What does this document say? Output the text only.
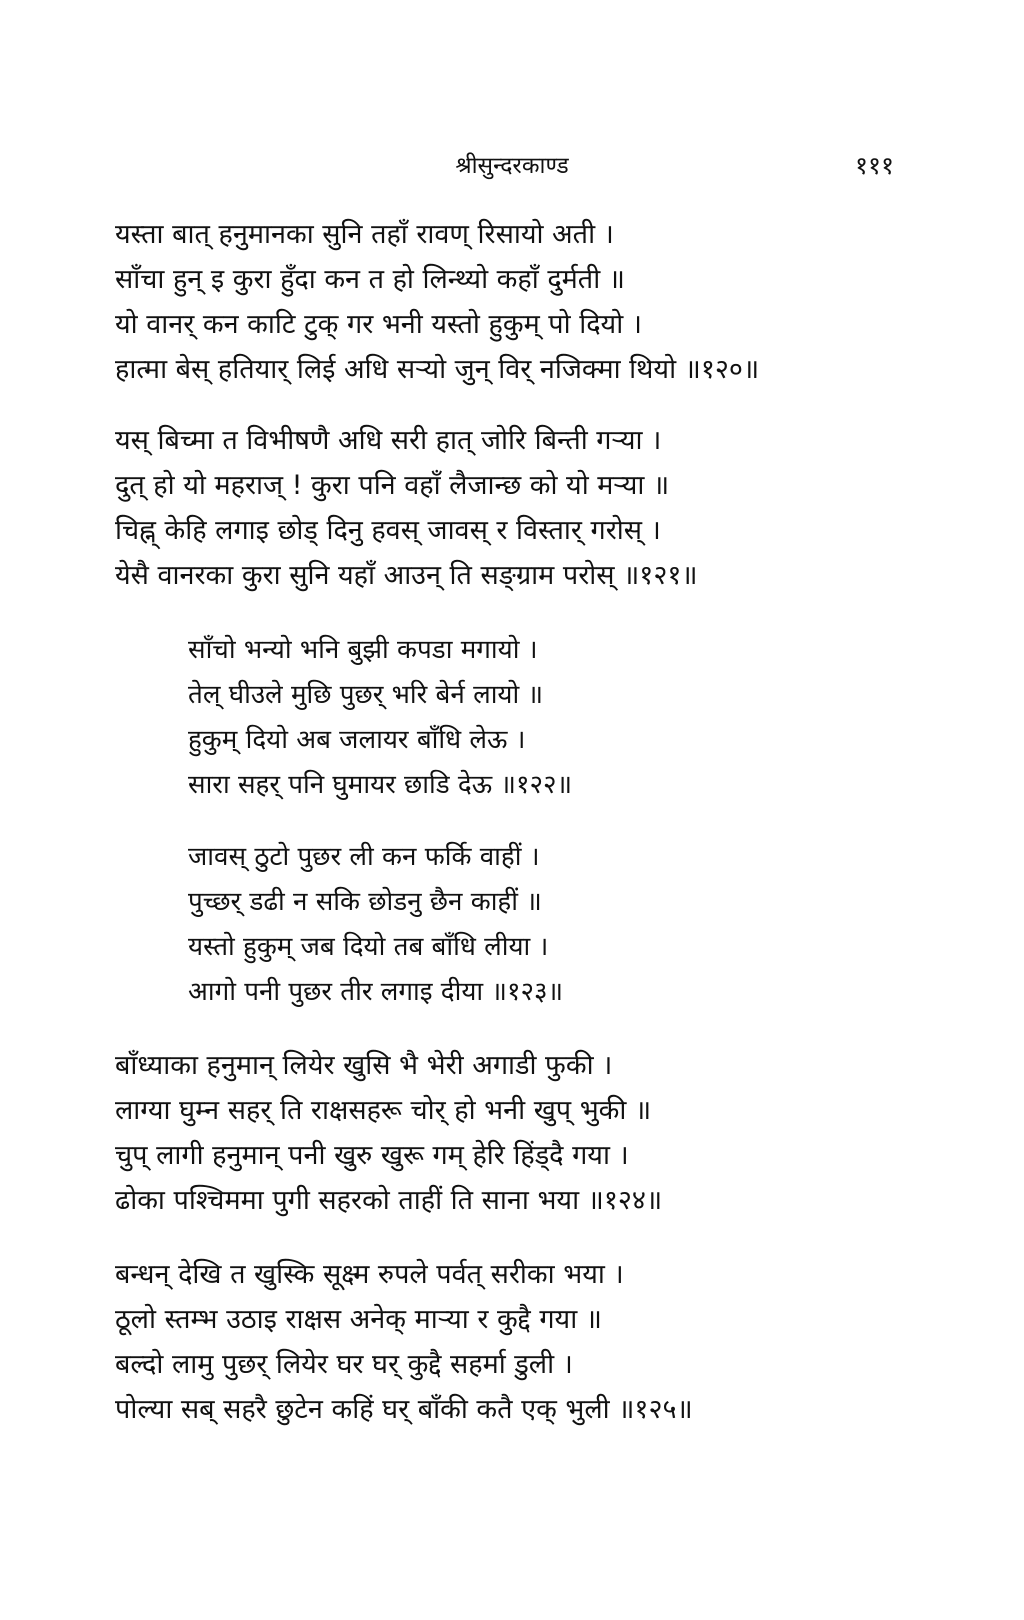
श्रीसुन्दरकाण्ड	१११
यस्ता बात् हनुमानका सुनि तहाँ रावण् रिसायो अती ।
साँचा हुन् इ कुरा हुँदा कन त हो लिन्थ्यो कहाँ दुर्मती ॥
यो वानर् कन काटि टुक् गर भनी यस्तो हुकुम् पो दियो ।
हात्मा बेस् हतियार् लिई अधि सऱ्यो जुन् विर् नजिक्मा थियो ॥१२०॥
यस् बिच्मा त विभीषणै अधि सरी हात् जोरि बिन्ती गऱ्या ।
दुत् हो यो महराज् ! कुरा पनि वहाँ लैजान्छ को यो मऱ्या ॥
चिह्न् केहि लगाइ छोड् दिनु हवस् जावस् र विस्तार् गरोस् ।
येसै वानरका कुरा सुनि यहाँ आउन् ति सङ्ग्राम परोस् ॥१२१॥
साँचो भन्यो भनि बुझी कपडा मगायो ।
तेल् घीउले मुछि पुछर् भरि बेर्न लायो ॥
हुकुम् दियो अब जलायर बाँधि लेऊ ।
सारा सहर् पनि घुमायर छाडि देऊ ॥१२२॥
जावस् ठुटो पुछर ली कन फर्कि वाहीं ।
पुच्छर् डढी न सकि छोडनु छैन काहीं ॥
यस्तो हुकुम् जब दियो तब बाँधि लीया ।
आगो पनी पुछर तीर लगाइ दीया ॥१२३॥
बाँध्याका हनुमान् लियेर खुसि भै भेरी अगाडी फुकी ।
लाग्या घुम्न सहर् ति राक्षसहरू चोर् हो भनी खुप् भुकी ॥
चुप् लागी हनुमान् पनी खुरु खुरू गम् हेरि हिंड्दै गया ।
ढोका पश्चिममा पुगी सहरको ताहीं ति साना भया ॥१२४॥
बन्धन् देखि त खुस्कि सूक्ष्म रुपले पर्वत् सरीका भया ।
ठूलो स्तम्भ उठाइ राक्षस अनेक् माऱ्या र कुद्दै गया ॥
बल्दो लामु पुछर् लियेर घर घर् कुद्दै सहर्मा डुली ।
पोल्या सब् सहरै छुटेन कहिं घर् बाँकी कतै एक् भुली ॥१२५॥
